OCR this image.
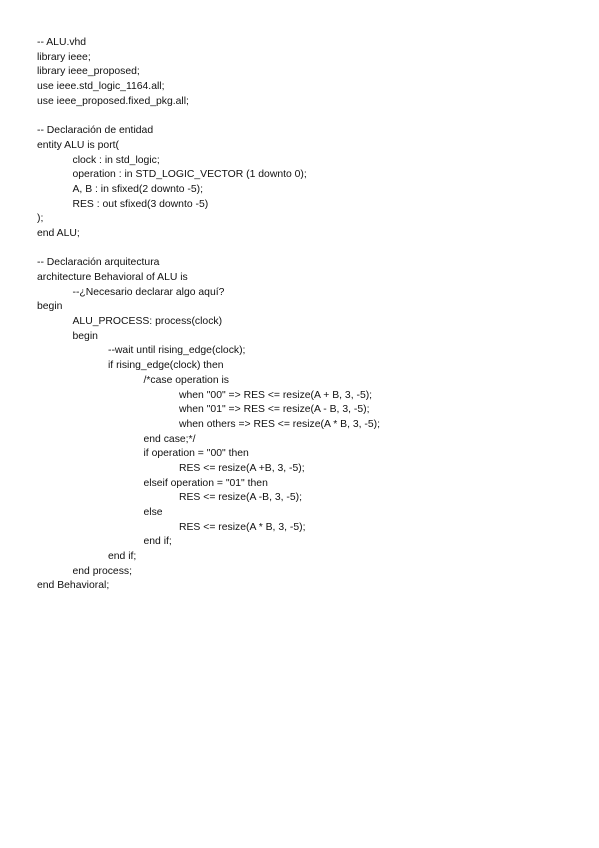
-- ALU.vhd
library ieee;
library ieee_proposed;
use ieee.std_logic_1164.all;
use ieee_proposed.fixed_pkg.all;
-- Declaración de entidad
entity ALU is port(
clock : in std_logic;
operation : in STD_LOGIC_VECTOR (1 downto 0);
A, B : in sfixed(2 downto -5);
RES : out sfixed(3 downto -5)
);
end ALU;
-- Declaración arquitectura
architecture Behavioral of ALU is
--¿Necesario declarar algo aquí?
begin
ALU_PROCESS: process(clock)
begin
--wait until rising_edge(clock);
if rising_edge(clock) then
/*case operation is
when "00" => RES <= resize(A + B, 3, -5);
when "01" => RES <= resize(A - B, 3, -5);
when others => RES <= resize(A * B, 3, -5);
end case;*/
if operation = "00" then
RES <= resize(A +B, 3, -5);
elseif operation = "01" then
RES <= resize(A -B, 3, -5);
else
RES <= resize(A * B, 3, -5);
end if;
end if;
end process;
end Behavioral;
